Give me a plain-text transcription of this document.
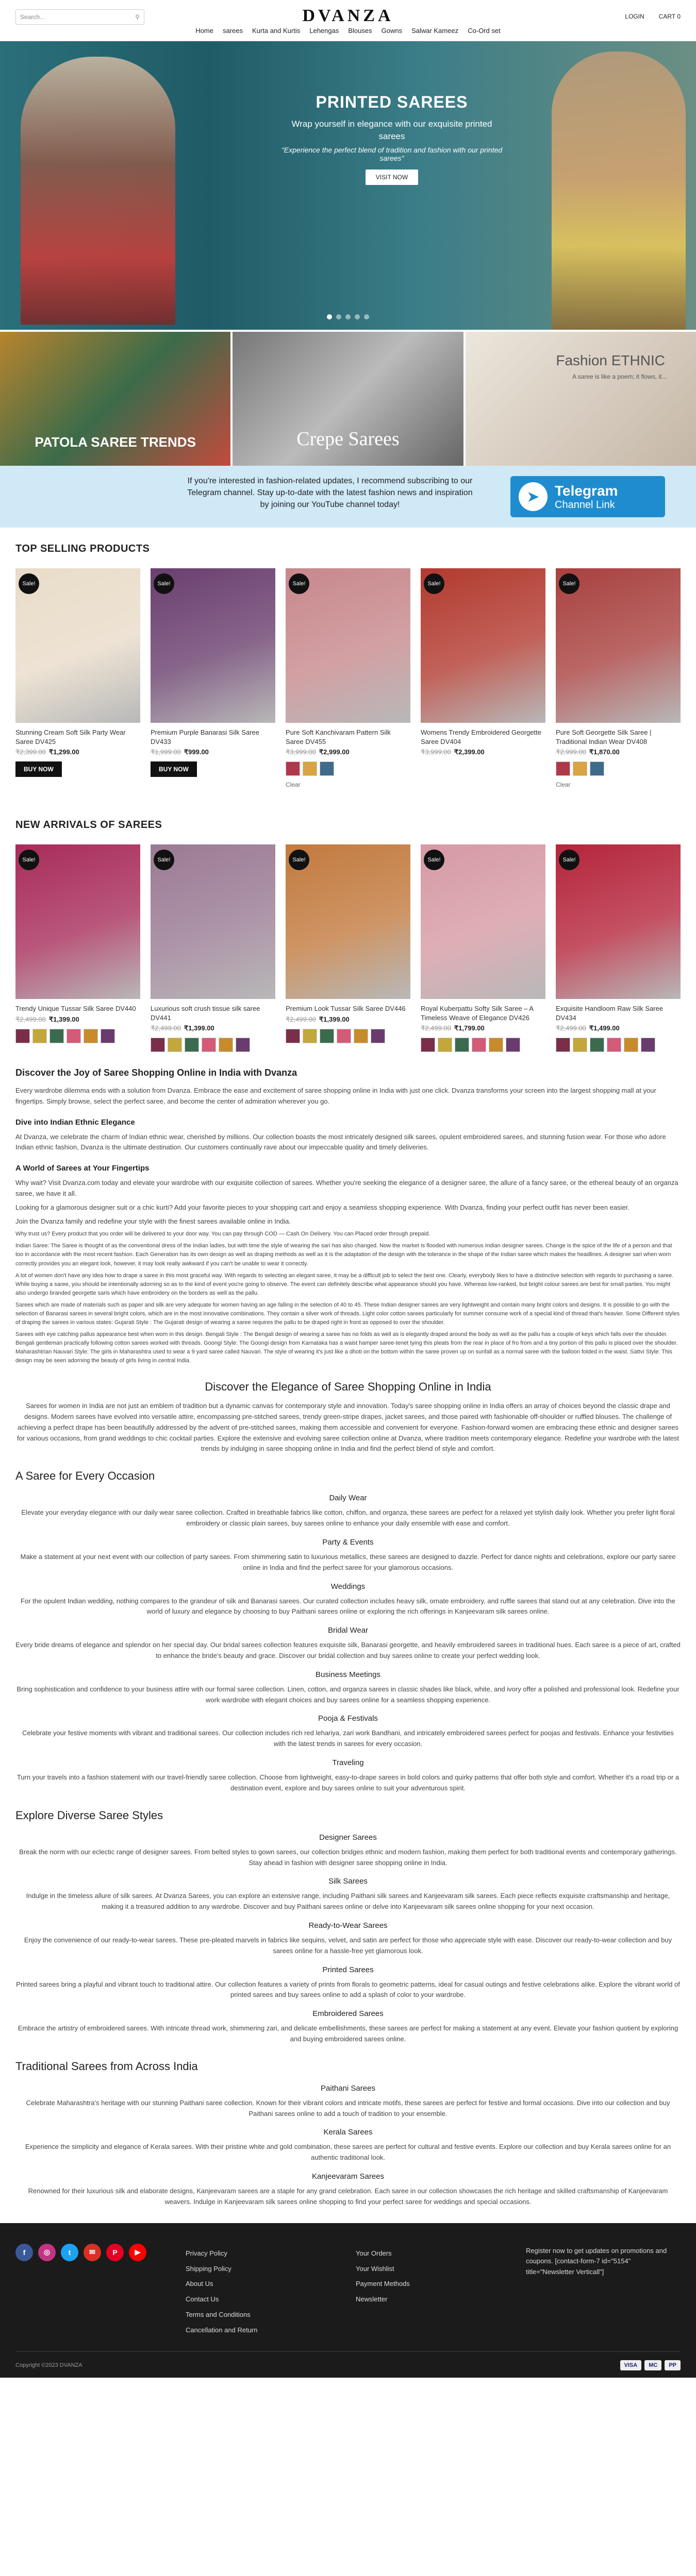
Search...	⚲	DVANZA	LOGIN CART 0
Home sarees Kurta and Kurtis Lehengas Blouses Gowns Salwar Kameez Co-Ord set
PRINTED SAREES
Wrap yourself in elegance with our exquisite printed sarees
"Experience the perfect blend of tradition and fashion with our printed sarees"
VISIT NOW
PATOLA SAREE TRENDS	Crepe Sarees
Fashion ETHNIC
A saree is like a poem; it flows, it...
If you're interested in fashion-related updates, I recommend subscribing to our Telegram channel. Stay up-to-date with the latest fashion news and inspiration by joining our YouTube channel today!	➤	Telegram
Channel Link
TOP SELLING PRODUCTS
Sale!
Stunning Cream Soft Silk Party Wear Saree DV425
₹2,399.00 ₹1,299.00
BUY NOW
Sale!
Premium Purple Banarasi Silk Saree DV433
₹1,999.00 ₹999.00
BUY NOW
Sale!
Pure Soft Kanchivaram Pattern Silk Saree DV455
₹3,999.00 ₹2,999.00
Clear
Sale!
Womens Trendy Embroidered Georgette Saree DV404
₹3,999.00 ₹2,399.00
Sale!
Pure Soft Georgette Silk Saree | Traditional Indian Wear DV408
₹2,999.00 ₹1,870.00
Clear
NEW ARRIVALS OF SAREES
Sale!
Trendy Unique Tussar Silk Saree DV440
₹2,499.00 ₹1,399.00
Sale!
Luxurious soft crush tissue silk saree DV441
₹2,499.00 ₹1,399.00
Sale!
Premium Look Tussar Silk Saree DV446
₹2,499.00 ₹1,399.00
Sale!
Royal Kuberpattu Softy Silk Saree – A Timeless Weave of Elegance DV426
₹2,499.00 ₹1,799.00
Sale!
Exquisite Handloom Raw Silk Saree DV434
₹2,499.00 ₹1,499.00
Discover the Joy of Saree Shopping Online in India with Dvanza

Every wardrobe dilemma ends with a solution from Dvanza. Embrace the ease and excitement of saree shopping online in India with just one click. Dvanza transforms your screen into the largest shopping mall at your fingertips. Simply browse, select the perfect saree, and become the center of admiration wherever you go.

Dive into Indian Ethnic Elegance

At Dvanza, we celebrate the charm of Indian ethnic wear, cherished by millions. Our collection boasts the most intricately designed silk sarees, opulent embroidered sarees, and stunning fusion wear. For those who adore Indian ethnic fashion, Dvanza is the ultimate destination. Our customers continually rave about our impeccable quality and timely deliveries.

A World of Sarees at Your Fingertips

Why wait? Visit Dvanza.com today and elevate your wardrobe with our exquisite collection of sarees. Whether you're seeking the elegance of a designer saree, the allure of a fancy saree, or the ethereal beauty of an organza saree, we have it all.

Looking for a glamorous designer suit or a chic kurti? Add your favorite pieces to your shopping cart and enjoy a seamless shopping experience. With Dvanza, finding your perfect outfit has never been easier.

Join the Dvanza family and redefine your style with the finest sarees available online in India.

Why trust us? Every product that you order will be delivered to your door way. You can pay through COD — Cash On Delivery. You can Placed order through prepaid.

Indian Saree: The Saree is thought of as the conventional dress of the Indian ladies, but with time the style of wearing the sari has also changed. Now the market is flooded with numerous Indian designer sarees. Change is the spice of the life of a person and that too in accordance with the most recent fashion. Each Generation has its own design as well as draping methods as well as it is the adaptation of the design with the tolerance in the shape of the Indian saree which makes the headlines. A designer sari when worn correctly provides you an elegant look, however, it may look really awkward if you can't be unable to wear it correctly.

A lot of women don't have any idea how to drape a saree in this most graceful way. With regards to selecting an elegant saree, it may be a difficult job to select the best one. Clearly, everybody likes to have a distinctive selection with regards to purchasing a saree. While buying a saree, you should be intentionally adorning so as to the kind of event you're going to observe. The event can definitely describe what appearance should you have. Whereas low-ranked, but bright colour sarees are best for small parties. You might also undergo branded georgette saris which have embroidery on the borders as well as the pallu.

Sarees which are made of materials such as paper and silk are very adequate for women having an age falling in the selection of 40 to 45. These Indian designer sarees are very lightweight and contain many bright colors and designs. It is possible to go with the selection of Banarasi sarees in several bright colors, which are in the most innovative combinations. They contain a silver work of threads. Light color cotton sarees particularly for summer consume work of a special kind of thread that's heavier. Some Different styles of draping the sarees in various states: Gujarati Style : The Gujarati design of wearing a saree requires the pallu to be draped right in front as opposed to over the shoulder.

Sarees with eye catching pallus appearance best when worn in this design. Bengali Style : The Bengali design of wearing a saree has no folds as well as is elegantly draped around the body as well as the pallu has a couple of keys which falls over the shoulder. Bengali gentleman practically following cotton sarees worked with threads. Goongi Style: The Goongi design from Karnataka has a waist hamper saree-tenet tying this pleats from the rear in place of fro from and a tiny portion of this pallu is placed over the shoulder. Maharashtrian Nauvari Style: The girls in Maharashtra used to wear a 9 yard saree called Nauvari. The style of wearing it's just like a dhoti on the bottom within the saree proven up on sunfall as a normal saree with the balloon folded in the waist. Sattvi Style: This design may be seen adorning the beauty of girls living in central India.

Discover the Elegance of Saree Shopping Online in India

Sarees for women in India are not just an emblem of tradition but a dynamic canvas for contemporary style and innovation. Today's saree shopping online in India offers an array of choices beyond the classic drape and designs. Modern sarees have evolved into versatile attire, encompassing pre-stitched sarees, trendy green-stripe drapes, jacket sarees, and those paired with fashionable off-shoulder or ruffled blouses. The challenge of achieving a perfect drape has been beautifully addressed by the advent of pre-stitched sarees, making them accessible and convenient for everyone. Fashion-forward women are embracing these ethnic and designer sarees for various occasions, from grand weddings to chic cocktail parties. Explore the extensive and evolving saree collection online at Dvanza, where tradition meets contemporary elegance. Redefine your wardrobe with the latest trends by indulging in saree shopping online in India and find the perfect blend of style and comfort.

A Saree for Every Occasion
Daily Wear

Elevate your everyday elegance with our daily wear saree collection. Crafted in breathable fabrics like cotton, chiffon, and organza, these sarees are perfect for a relaxed yet stylish daily look. Whether you prefer light floral embroidery or classic plain sarees, buy sarees online to enhance your daily ensemble with ease and comfort.

Party & Events

Make a statement at your next event with our collection of party sarees. From shimmering satin to luxurious metallics, these sarees are designed to dazzle. Perfect for dance nights and celebrations, explore our party saree online in India and find the perfect saree for your glamorous occasions.

Weddings

For the opulent Indian wedding, nothing compares to the grandeur of silk and Banarasi sarees. Our curated collection includes heavy silk, ornate embroidery, and ruffle sarees that stand out at any celebration. Dive into the world of luxury and elegance by choosing to buy Paithani sarees online or exploring the rich offerings in Kanjeevaram silk sarees online.

Bridal Wear

Every bride dreams of elegance and splendor on her special day. Our bridal sarees collection features exquisite silk, Banarasi georgette, and heavily embroidered sarees in traditional hues. Each saree is a piece of art, crafted to enhance the bride's beauty and grace. Discover our bridal collection and buy sarees online to create your perfect wedding look.

Business Meetings

Bring sophistication and confidence to your business attire with our formal saree collection. Linen, cotton, and organza sarees in classic shades like black, white, and ivory offer a polished and professional look. Redefine your work wardrobe with elegant choices and buy sarees online for a seamless shopping experience.

Pooja & Festivals

Celebrate your festive moments with vibrant and traditional sarees. Our collection includes rich red lehariya, zari work Bandhani, and intricately embroidered sarees perfect for poojas and festivals. Enhance your festivities with the latest trends in sarees for every occasion.

Traveling

Turn your travels into a fashion statement with our travel-friendly saree collection. Choose from lightweight, easy-to-drape sarees in bold colors and quirky patterns that offer both style and comfort. Whether it's a road trip or a destination event, explore and buy sarees online to suit your adventurous spirit.

Explore Diverse Saree Styles
Designer Sarees

Break the norm with our eclectic range of designer sarees. From belted styles to gown sarees, our collection bridges ethnic and modern fashion, making them perfect for both traditional events and contemporary gatherings. Stay ahead in fashion with designer saree shopping online in India.

Silk Sarees

Indulge in the timeless allure of silk sarees. At Dvanza Sarees, you can explore an extensive range, including Paithani silk sarees and Kanjeevaram silk sarees. Each piece reflects exquisite craftsmanship and heritage, making it a treasured addition to any wardrobe. Discover and buy Paithani sarees online or delve into Kanjeevaram silk sarees online shopping for your next occasion.

Ready-to-Wear Sarees

Enjoy the convenience of our ready-to-wear sarees. These pre-pleated marvels in fabrics like sequins, velvet, and satin are perfect for those who appreciate style with ease. Discover our ready-to-wear collection and buy sarees online for a hassle-free yet glamorous look.

Printed Sarees

Printed sarees bring a playful and vibrant touch to traditional attire. Our collection features a variety of prints from florals to geometric patterns, ideal for casual outings and festive celebrations alike. Explore the vibrant world of printed sarees and buy sarees online to add a splash of color to your wardrobe.

Embroidered Sarees

Embrace the artistry of embroidered sarees. With intricate thread work, shimmering zari, and delicate embellishments, these sarees are perfect for making a statement at any event. Elevate your fashion quotient by exploring and buying embroidered sarees online.

Traditional Sarees from Across India
Paithani Sarees

Celebrate Maharashtra's heritage with our stunning Paithani saree collection. Known for their vibrant colors and intricate motifs, these sarees are perfect for festive and formal occasions. Dive into our collection and buy Paithani sarees online to add a touch of tradition to your ensemble.

Kerala Sarees

Experience the simplicity and elegance of Kerala sarees. With their pristine white and gold combination, these sarees are perfect for cultural and festive events. Explore our collection and buy Kerala sarees online for an authentic traditional look.

Kanjeevaram Sarees

Renowned for their luxurious silk and elaborate designs, Kanjeevaram sarees are a staple for any grand celebration. Each saree in our collection showcases the rich heritage and skilled craftsmanship of Kanjeevaram weavers. Indulge in Kanjeevaram silk sarees online shopping to find your perfect saree for weddings and special occasions.

f	◎	t	✉	P	▶	Privacy Policy
Shipping Policy
About Us
Contact Us
Terms and Conditions
Cancellation and Return
Your Orders
Your Wishlist
Payment Methods
Newsletter
Register now to get updates on promotions and coupons. [contact-form-7 id="5154" title="Newsletter Verticall"]
Copyright ©2023 DVANZA	VISA	MC	PP
